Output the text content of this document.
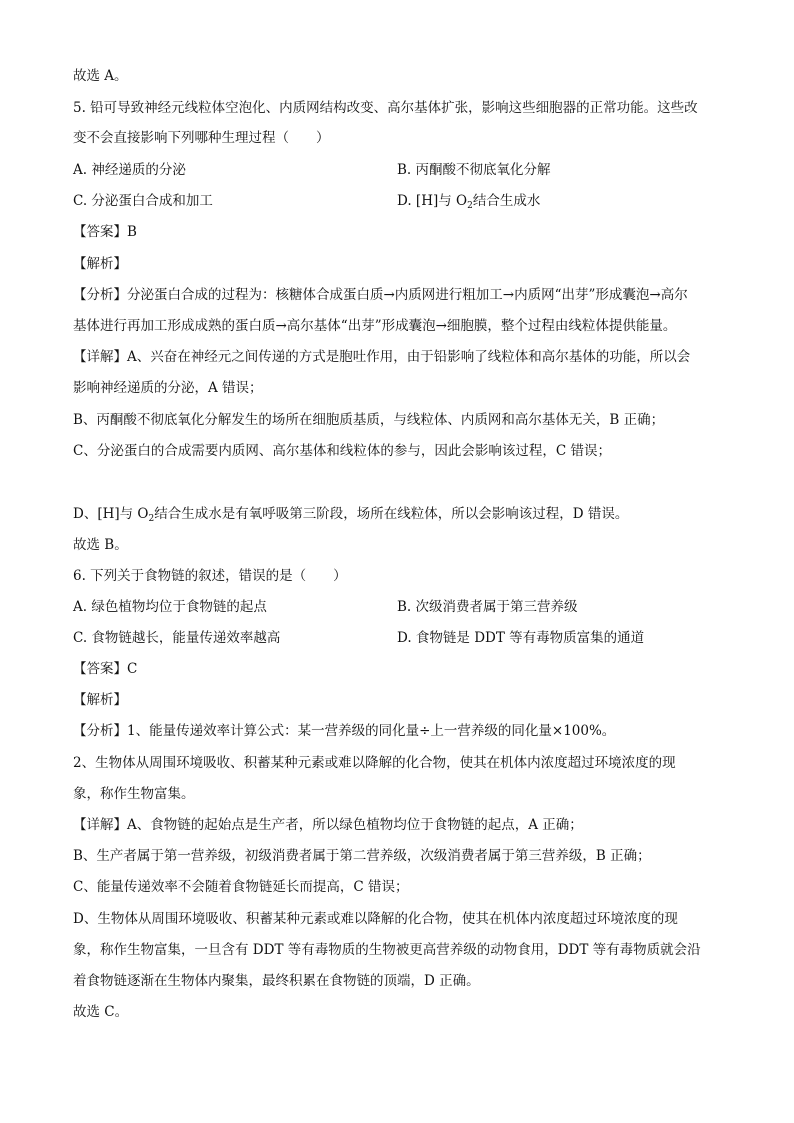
故选 A。
5. 铅可导致神经元线粒体空泡化、内质网结构改变、高尔基体扩张，影响这些细胞器的正常功能。这些改
变不会直接影响下列哪种生理过程（　　）
A. 神经递质的分泌	B. 丙酮酸不彻底氧化分解
C. 分泌蛋白合成和加工	D. [H]与 $O_2$结合生成水
【答案】B
【解析】
【分析】分泌蛋白合成的过程为：核糖体合成蛋白质→内质网进行粗加工→内质网“出芽”形成囊泡→高尔
基体进行再加工形成成熟的蛋白质→高尔基体“出芽”形成囊泡→细胞膜，整个过程由线粒体提供能量。
【详解】A、兴奋在神经元之间传递的方式是胞吐作用，由于铅影响了线粒体和高尔基体的功能，所以会
影响神经递质的分泌，A 错误；
B、丙酮酸不彻底氧化分解发生的场所在细胞质基质，与线粒体、内质网和高尔基体无关，B 正确；
C、分泌蛋白的合成需要内质网、高尔基体和线粒体的参与，因此会影响该过程，C 错误；
D、[H]与 $O_2$结合生成水是有氧呼吸第三阶段，场所在线粒体，所以会影响该过程，D 错误。
故选 B。
6. 下列关于食物链的叙述，错误的是（　　）
A. 绿色植物均位于食物链的起点	B. 次级消费者属于第三营养级
C. 食物链越长，能量传递效率越高	D. 食物链是 DDT 等有毒物质富集的通道
【答案】C
【解析】
【分析】1、能量传递效率计算公式：某一营养级的同化量÷上一营养级的同化量×100%。
2、生物体从周围环境吸收、积蓄某种元素或难以降解的化合物，使其在机体内浓度超过环境浓度的现
象，称作生物富集。
【详解】A、食物链的起始点是生产者，所以绿色植物均位于食物链的起点，A 正确；
B、生产者属于第一营养级，初级消费者属于第二营养级，次级消费者属于第三营养级，B 正确；
C、能量传递效率不会随着食物链延长而提高，C 错误；
D、生物体从周围环境吸收、积蓄某种元素或难以降解的化合物，使其在机体内浓度超过环境浓度的现
象，称作生物富集，一旦含有 DDT 等有毒物质的生物被更高营养级的动物食用，DDT 等有毒物质就会沿
着食物链逐渐在生物体内聚集，最终积累在食物链的顶端，D 正确。
故选 C。
